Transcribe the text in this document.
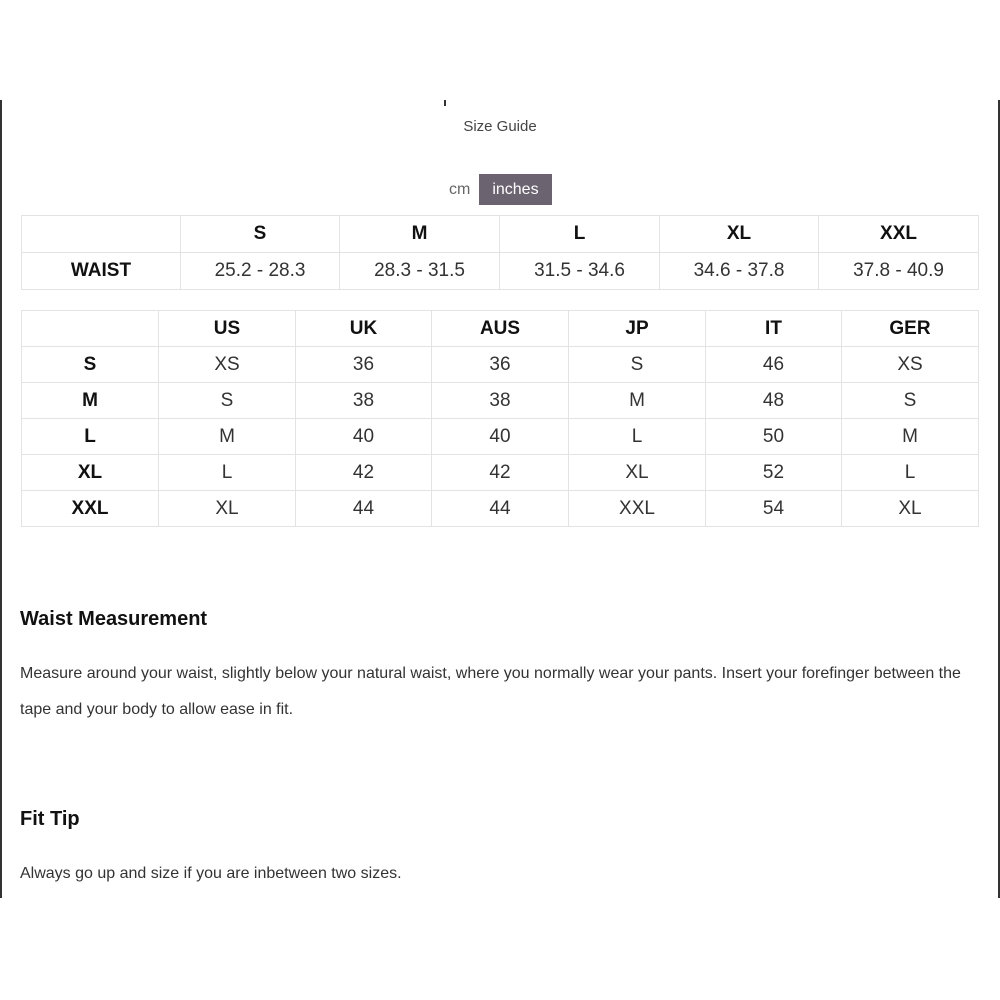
Size Guide
cm	inches
	S	M	L	XL	XXL
WAIST	25.2 - 28.3	28.3 - 31.5	31.5 - 34.6	34.6 - 37.8	37.8 - 40.9
	US	UK	AUS	JP	IT	GER
S	XS	36	36	S	46	XS
M	S	38	38	M	48	S
L	M	40	40	L	50	M
XL	L	42	42	XL	52	L
XXL	XL	44	44	XXL	54	XL
Waist Measurement

Measure around your waist, slightly below your natural waist, where you normally wear your pants. Insert your forefinger between the tape and your body to allow ease in fit.

Fit Tip

Always go up and size if you are inbetween two sizes.
